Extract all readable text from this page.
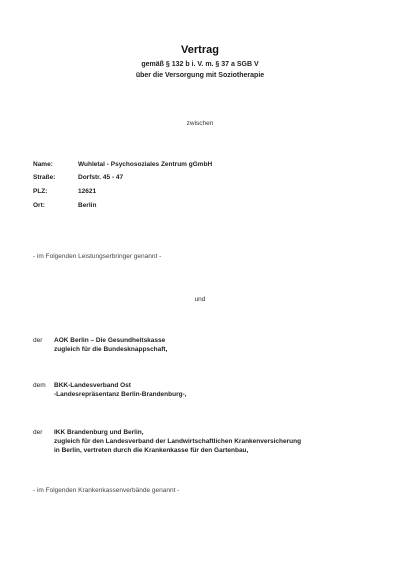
Vertrag
gemäß § 132 b i. V. m. § 37 a SGB V
über die Versorgung mit Soziotherapie
zwischen
Name:	Wuhletal - Psychosoziales Zentrum gGmbH
Straße:	Dorfstr. 45 - 47
PLZ:	12621
Ort:	Berlin
- im Folgenden Leistungserbringer genannt -
und
der AOK Berlin – Die Gesundheitskasse
zugleich für die Bundesknappschaft,
dem BKK-Landesverband Ost
-Landesrepräsentanz Berlin-Brandenburg-,
der IKK Brandenburg und Berlin,
zugleich für den Landesverband der Landwirtschaftlichen Krankenversicherung
in Berlin, vertreten durch die Krankenkasse für den Gartenbau,
- im Folgenden Krankenkassenverbände genannt -
